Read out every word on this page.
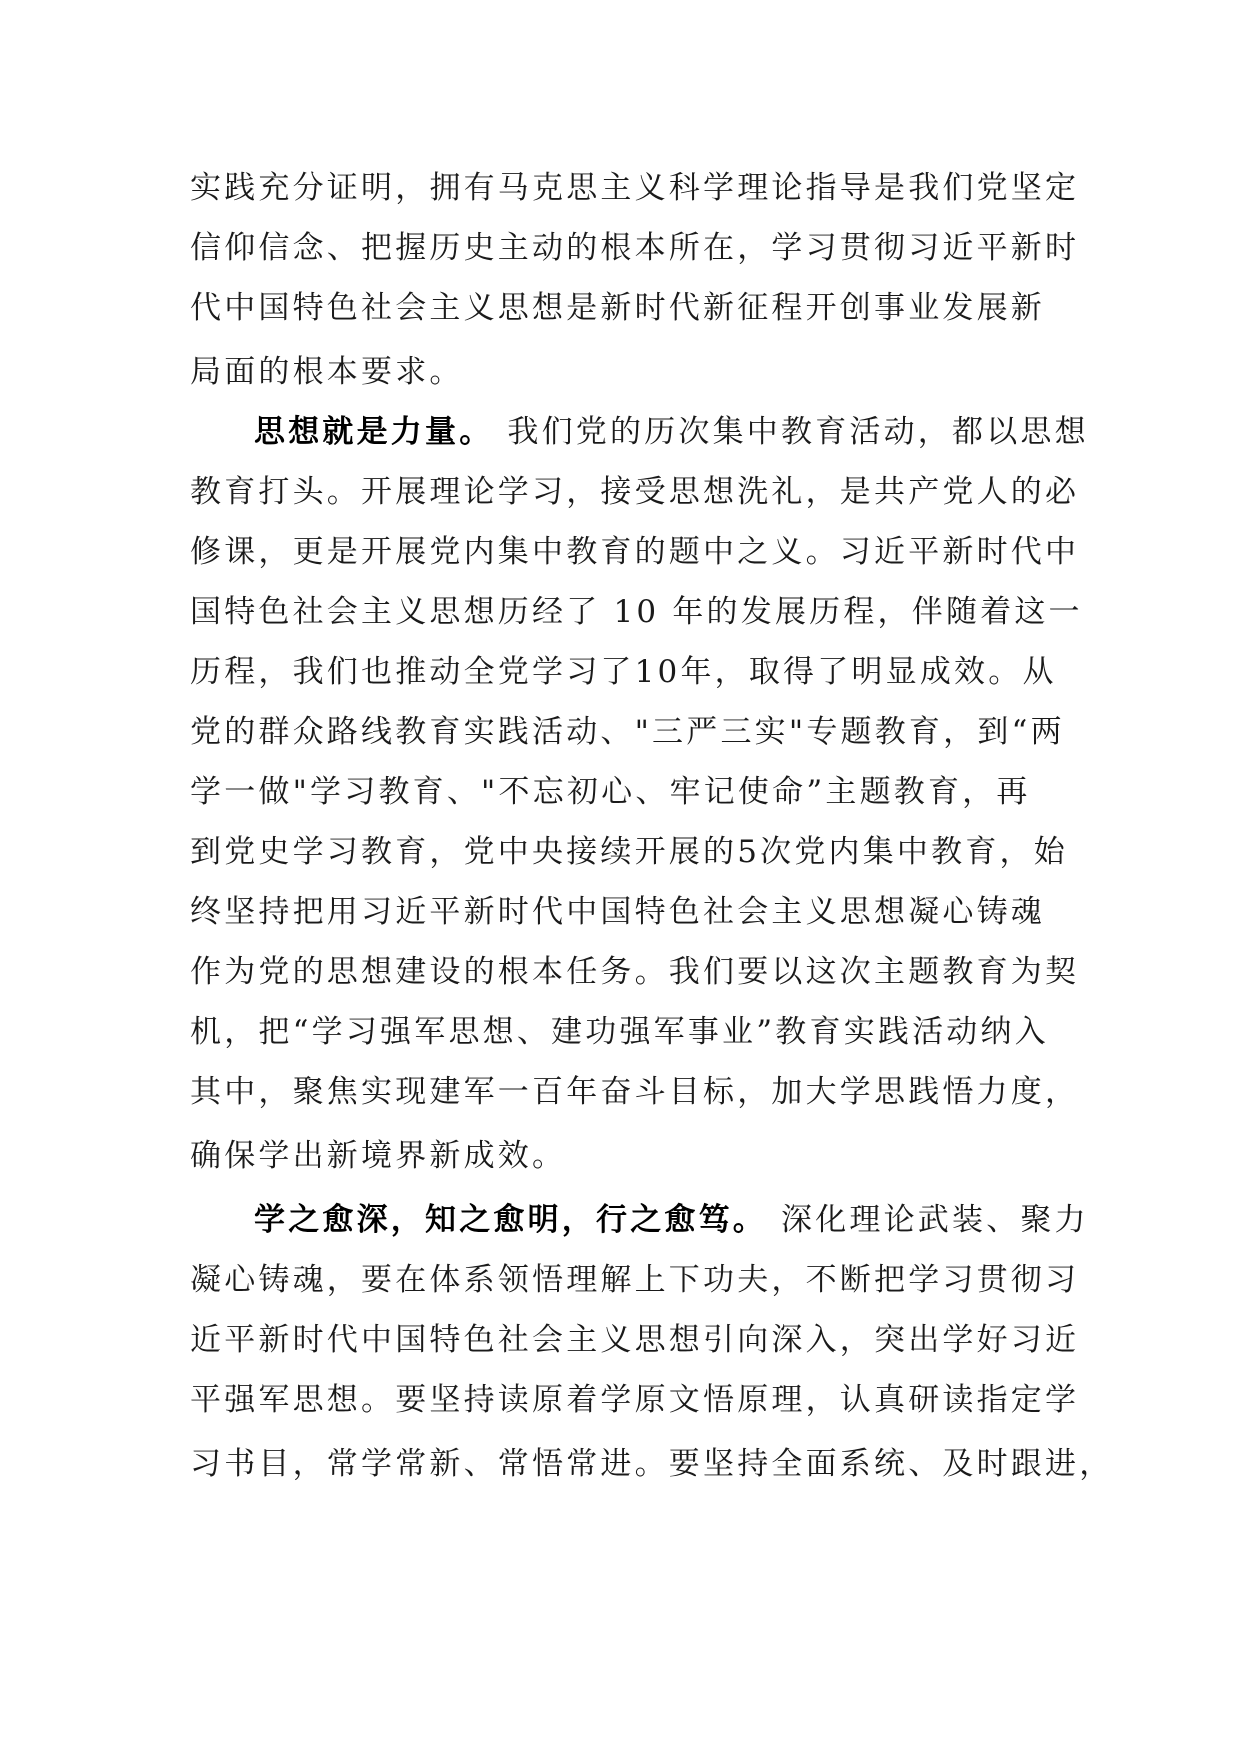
实践充分证明，拥有马克思主义科学理论指导是我们党坚定
信仰信念、把握历史主动的根本所在，学习贯彻习近平新时
代中国特色社会主义思想是新时代新征程开创事业发展新
局面的根本要求。
思想就是力量。 我们党的历次集中教育活动，都以思想
教育打头。开展理论学习，接受思想洗礼，是共产党人的必
修课，更是开展党内集中教育的题中之义。习近平新时代中
国特色社会主义思想历经了 10 年的发展历程，伴随着这一
历程，我们也推动全党学习了10年，取得了明显成效。从
党的群众路线教育实践活动、"三严三实"专题教育，到“两
学一做"学习教育、"不忘初心、牢记使命”主题教育，再
到党史学习教育，党中央接续开展的5次党内集中教育，始
终坚持把用习近平新时代中国特色社会主义思想凝心铸魂
作为党的思想建设的根本任务。我们要以这次主题教育为契
机，把“学习强军思想、建功强军事业”教育实践活动纳入
其中，聚焦实现建军一百年奋斗目标，加大学思践悟力度，
确保学出新境界新成效。
学之愈深，知之愈明，行之愈笃。 深化理论武装、聚力
凝心铸魂，要在体系领悟理解上下功夫，不断把学习贯彻习
近平新时代中国特色社会主义思想引向深入，突出学好习近
平强军思想。要坚持读原着学原文悟原理，认真研读指定学
习书目，常学常新、常悟常进。要坚持全面系统、及时跟进，
